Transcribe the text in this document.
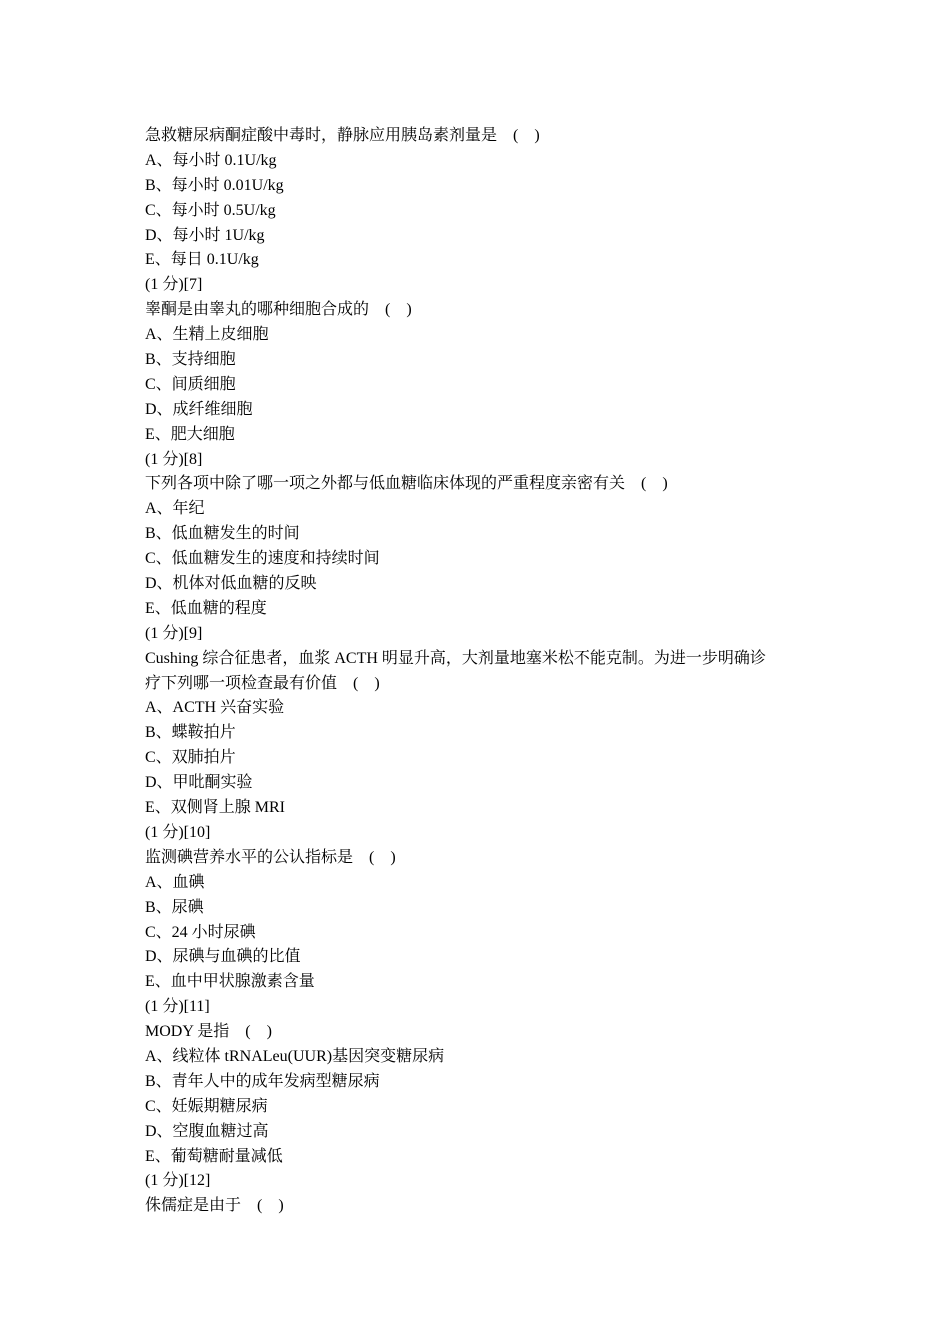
急救糖尿病酮症酸中毒时，静脉应用胰岛素剂量是    (    )
A、每小时 0.1U/kg
B、每小时 0.01U/kg
C、每小时 0.5U/kg
D、每小时 1U/kg
E、每日 0.1U/kg
(1 分)[7]
睾酮是由睾丸的哪种细胞合成的    (    )
A、生精上皮细胞
B、支持细胞
C、间质细胞
D、成纤维细胞
E、肥大细胞
(1 分)[8]
下列各项中除了哪一项之外都与低血糖临床体现的严重程度亲密有关    (    )
A、年纪
B、低血糖发生的时间
C、低血糖发生的速度和持续时间
D、机体对低血糖的反映
E、低血糖的程度
(1 分)[9]
Cushing 综合征患者，血浆 ACTH 明显升高，大剂量地塞米松不能克制。为进一步明确诊
疗下列哪一项检查最有价值    (    )
A、ACTH 兴奋实验
B、蝶鞍拍片
C、双肺拍片
D、甲吡酮实验
E、双侧肾上腺 MRI
(1 分)[10]
监测碘营养水平的公认指标是    (    )
A、血碘
B、尿碘
C、24 小时尿碘
D、尿碘与血碘的比值
E、血中甲状腺激素含量
(1 分)[11]
MODY 是指    (    )
A、线粒体 tRNALeu(UUR)基因突变糖尿病
B、青年人中的成年发病型糖尿病
C、妊娠期糖尿病
D、空腹血糖过高
E、葡萄糖耐量减低
(1 分)[12]
侏儒症是由于    (    )
